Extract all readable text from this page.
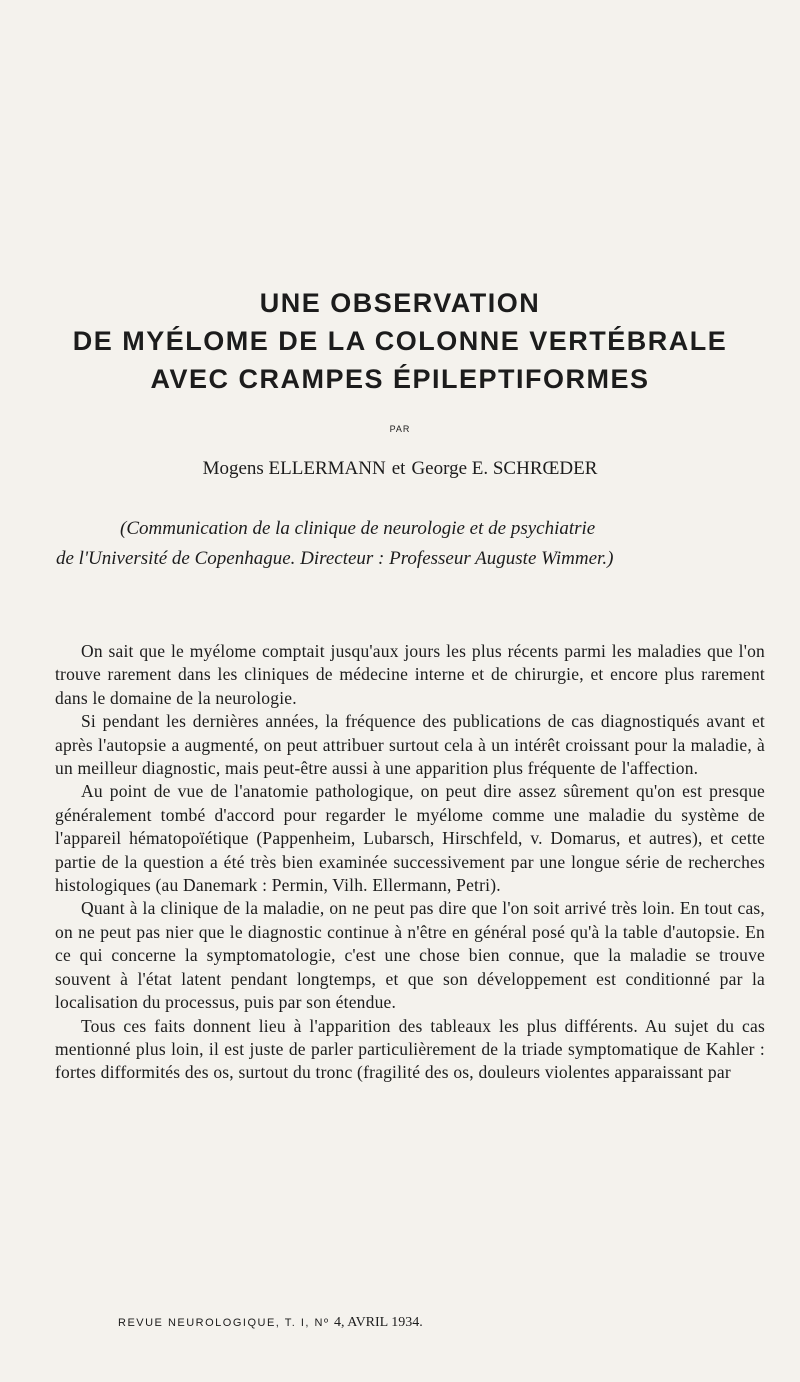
UNE OBSERVATION

DE MYÉLOME DE LA COLONNE VERTÉBRALE

AVEC CRAMPES ÉPILEPTIFORMES

PAR
Mogens ELLERMANN et George E. SCHRŒDER

(Communication de la clinique de neurologie et de psychiatrie

de l'Université de Copenhague. Directeur : Professeur Auguste Wimmer.)

On sait que le myélome comptait jusqu'aux jours les plus récents parmi les maladies que l'on trouve rarement dans les cliniques de médecine interne et de chirurgie, et encore plus rarement dans le domaine de la neurologie.

Si pendant les dernières années, la fréquence des publications de cas diagnostiqués avant et après l'autopsie a augmenté, on peut attribuer surtout cela à un intérêt croissant pour la maladie, à un meilleur diagnostic, mais peut-être aussi à une apparition plus fréquente de l'affection.

Au point de vue de l'anatomie pathologique, on peut dire assez sûrement qu'on est presque généralement tombé d'accord pour regarder le myélome comme une maladie du système de l'appareil hématopoïétique (Pappenheim, Lubarsch, Hirschfeld, v. Domarus, et autres), et cette partie de la question a été très bien examinée successivement par une longue série de recherches histologiques (au Danemark : Permin, Vilh. Ellermann, Petri).

Quant à la clinique de la maladie, on ne peut pas dire que l'on soit arrivé très loin. En tout cas, on ne peut pas nier que le diagnostic continue à n'être en général posé qu'à la table d'autopsie. En ce qui concerne la symptomatologie, c'est une chose bien connue, que la maladie se trouve souvent à l'état latent pendant longtemps, et que son développement est conditionné par la localisation du processus, puis par son étendue.

Tous ces faits donnent lieu à l'apparition des tableaux les plus différents. Au sujet du cas mentionné plus loin, il est juste de parler particulièrement de la triade symptomatique de Kahler : fortes difformités des os, surtout du tronc (fragilité des os, douleurs violentes apparaissant par

REVUE NEUROLOGIQUE, T. I, Nº 4, AVRIL 1934.
